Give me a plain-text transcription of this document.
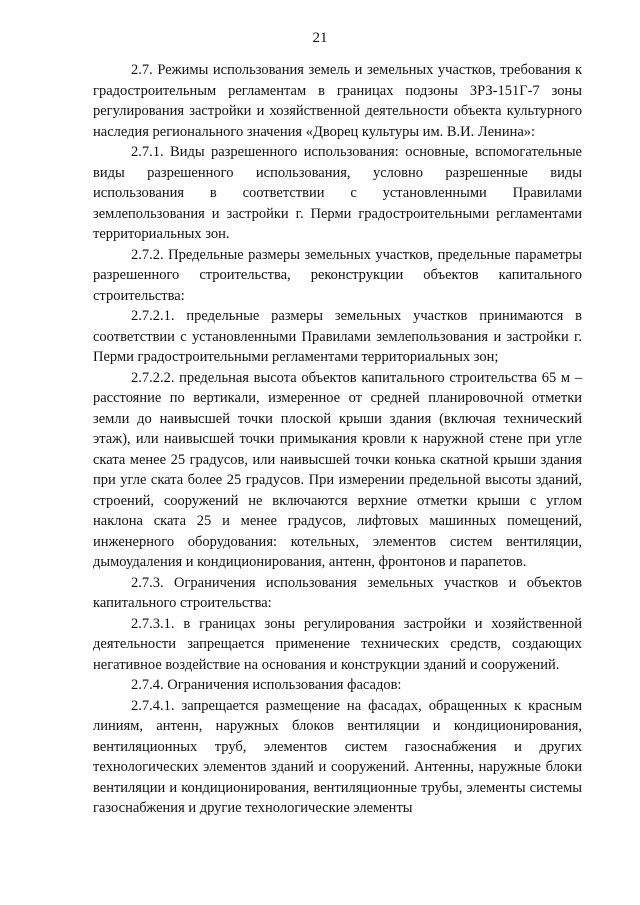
21

2.7. Режимы использования земель и земельных участков, требования к градостроительным регламентам в границах подзоны ЗРЗ-151Г-7 зоны регулирования застройки и хозяйственной деятельности объекта культурного наследия регионального значения «Дворец культуры им. В.И. Ленина»:

2.7.1. Виды разрешенного использования: основные, вспомогательные виды разрешенного использования, условно разрешенные виды использования в соответствии с установленными Правилами землепользования и застройки г. Перми градостроительными регламентами территориальных зон.

2.7.2. Предельные размеры земельных участков, предельные параметры разрешенного строительства, реконструкции объектов капитального строительства:

2.7.2.1. предельные размеры земельных участков принимаются в соответствии с установленными Правилами землепользования и застройки г. Перми градостроительными регламентами территориальных зон;

2.7.2.2. предельная высота объектов капитального строительства 65 м – расстояние по вертикали, измеренное от средней планировочной отметки земли до наивысшей точки плоской крыши здания (включая технический этаж), или наивысшей точки примыкания кровли к наружной стене при угле ската менее 25 градусов, или наивысшей точки конька скатной крыши здания при угле ската более 25 градусов. При измерении предельной высоты зданий, строений, сооружений не включаются верхние отметки крыши с углом наклона ската 25 и менее градусов, лифтовых машинных помещений, инженерного оборудования: котельных, элементов систем вентиляции, дымоудаления и кондиционирования, антенн, фронтонов и парапетов.

2.7.3. Ограничения использования земельных участков и объектов капитального строительства:

2.7.3.1. в границах зоны регулирования застройки и хозяйственной деятельности запрещается применение технических средств, создающих негативное воздействие на основания и конструкции зданий и сооружений.

2.7.4. Ограничения использования фасадов:

2.7.4.1. запрещается размещение на фасадах, обращенных к красным линиям, антенн, наружных блоков вентиляции и кондиционирования, вентиляционных труб, элементов систем газоснабжения и других технологических элементов зданий и сооружений. Антенны, наружные блоки вентиляции и кондиционирования, вентиляционные трубы, элементы системы газоснабжения и другие технологические элементы
